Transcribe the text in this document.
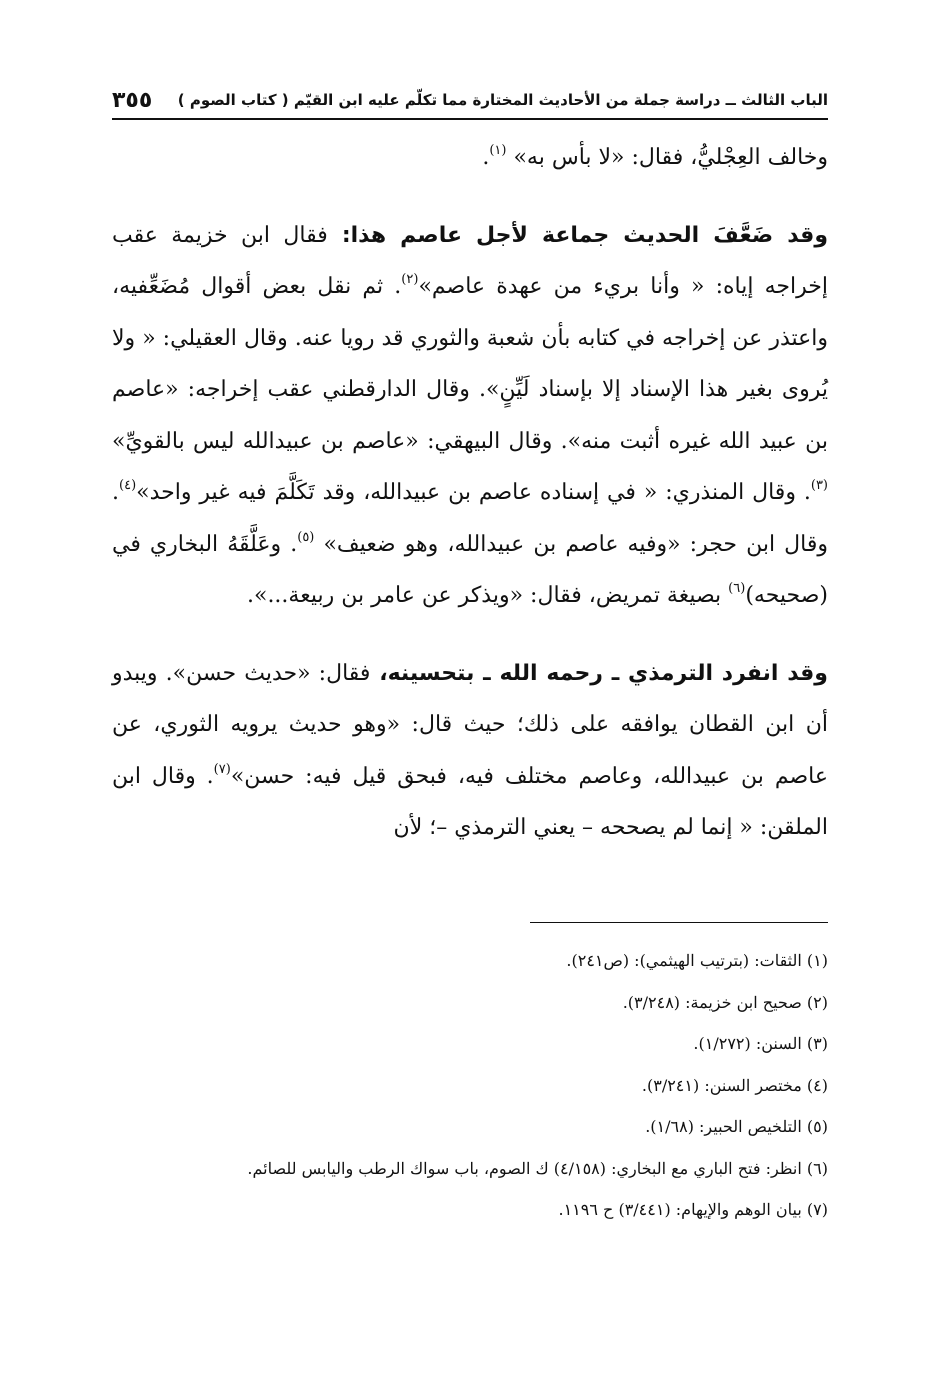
الباب الثالث ــ دراسة جملة من الأحاديث المختارة مما تكلّم عليه ابن القيّم ( كتاب الصوم )
٣٥٥

وخالف العِجْليُّ، فقال: «لا بأس به» $^{(١)}$.

وقد ضَعَّفَ الحديث جماعة لأجل عاصم هذا: فقال ابن خزيمة عقب إخراجه إياه: « وأنا بريء من عهدة عاصم»$^{(٢)}$. ثم نقل بعض أقوال مُضَعِّفيه، واعتذر عن إخراجه في كتابه بأن شعبة والثوري قد رويا عنه. وقال العقيلي: « ولا يُروى بغير هذا الإسناد إلا بإسناد لَيِّنٍ». وقال الدارقطني عقب إخراجه: «عاصم بن عبيد الله غيره أثبت منه». وقال البيهقي: «عاصم بن عبيدالله ليس بالقويِّ» $^{(٣)}$. وقال المنذري: « في إسناده عاصم بن عبيدالله، وقد تَكَلَّمَ فيه غير واحد»$^{(٤)}$. وقال ابن حجر: «وفيه عاصم بن عبيدالله، وهو ضعيف» $^{(٥)}$. وعَلَّقَهُ البخاري في (صحيحه)$^{(٦)}$ بصيغة تمريض، فقال: «ويذكر عن عامر بن ربيعة...».

وقد انفرد الترمذي ـ رحمه الله ـ بتحسينه، فقال: «حديث حسن». ويبدو أن ابن القطان يوافقه على ذلك؛ حيث قال: «وهو حديث يرويه الثوري، عن عاصم بن عبيدالله، وعاصم مختلف فيه، فبحق قيل فيه: حسن»$^{(٧)}$. وقال ابن الملقن: « إنما لم يصححه – يعني الترمذي –؛ لأن

(١) الثقات: (بترتيب الهيثمي): (ص٢٤١).

(٢) صحيح ابن خزيمة: (٣/٢٤٨).

(٣) السنن: (١/٢٧٢).

(٤) مختصر السنن: (٣/٢٤١).

(٥) التلخيص الحبير: (١/٦٨).

(٦) انظر: فتح الباري مع البخاري: (٤/١٥٨) ك الصوم، باب سواك الرطب واليابس للصائم.

(٧) بيان الوهم والإيهام: (٣/٤٤١) ح ١١٩٦.
